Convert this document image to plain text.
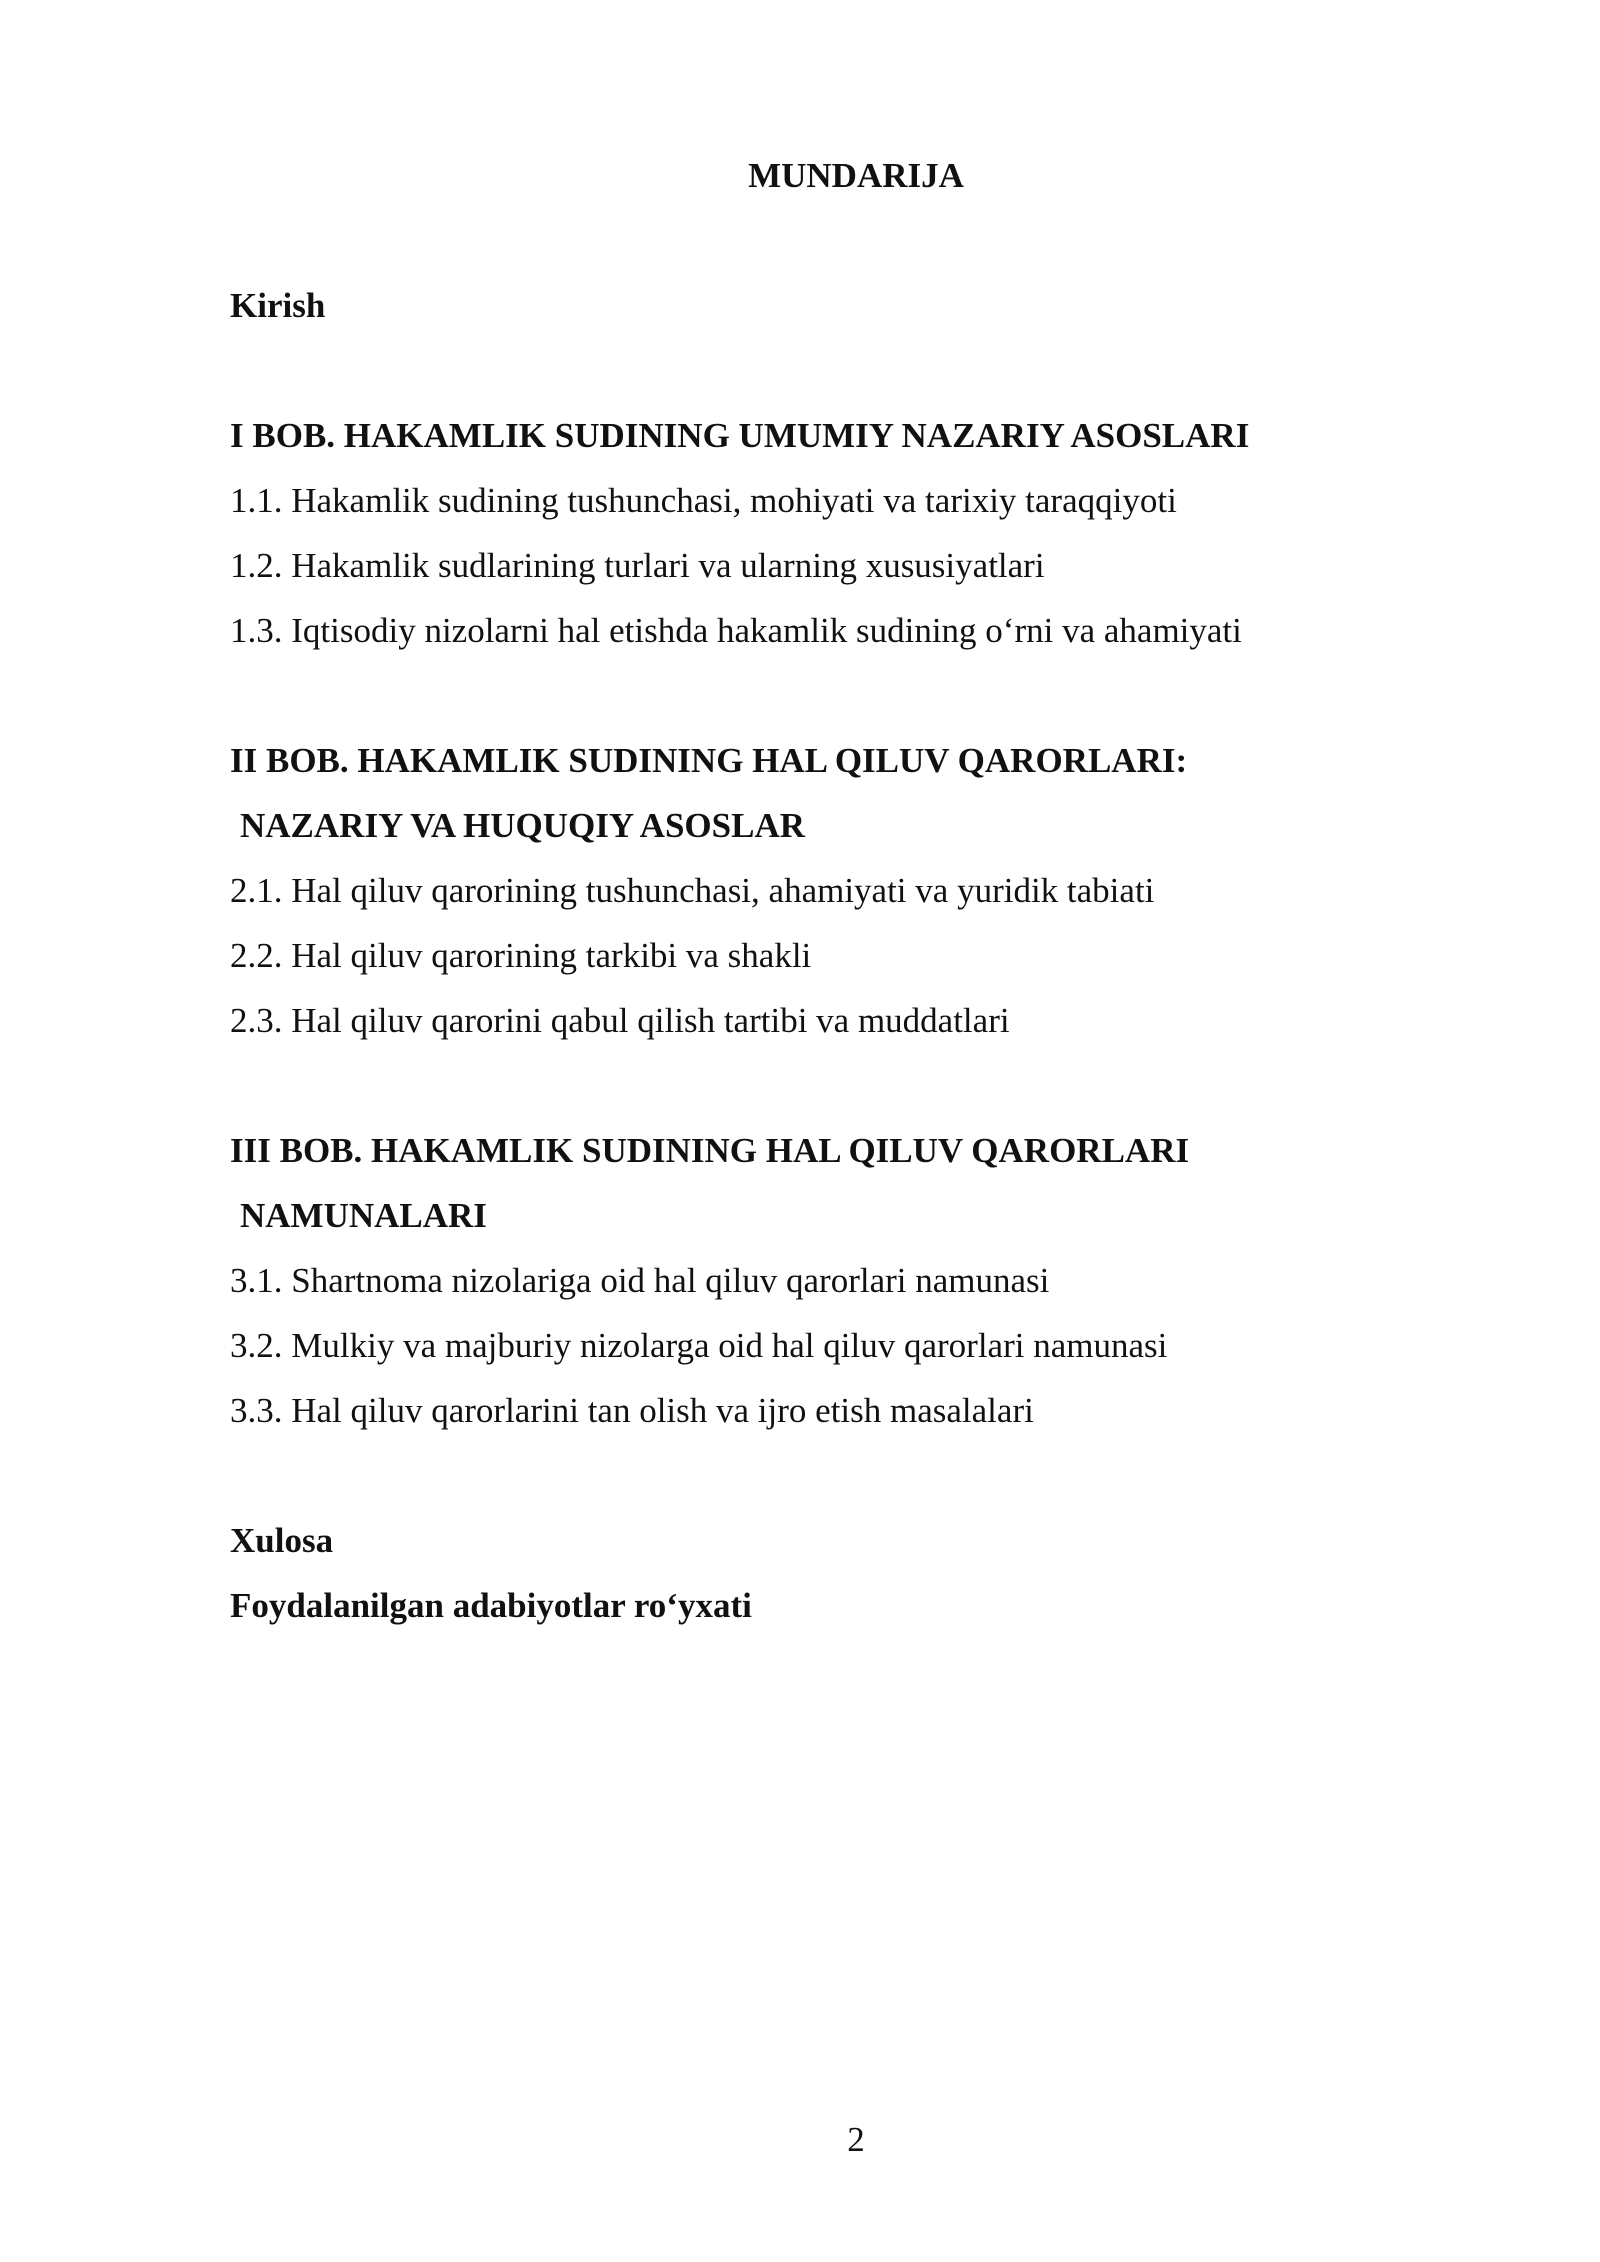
MUNDARIJA
Kirish
I BOB. HAKAMLIK SUDINING UMUMIY NAZARIY ASOSLARI
1.1. Hakamlik sudining tushunchasi, mohiyati va tarixiy taraqqiyoti
1.2. Hakamlik sudlarining turlari va ularning xususiyatlari
1.3. Iqtisodiy nizolarni hal etishda hakamlik sudining o‘rni va ahamiyati
II BOB. HAKAMLIK SUDINING HAL QILUV QARORLARI:
NAZARIY VA HUQUQIY ASOSLAR
2.1. Hal qiluv qarorining tushunchasi, ahamiyati va yuridik tabiati
2.2. Hal qiluv qarorining tarkibi va shakli
2.3. Hal qiluv qarorini qabul qilish tartibi va muddatlari
III BOB. HAKAMLIK SUDINING HAL QILUV QARORLARI
NAMUNALARI
3.1. Shartnoma nizolariga oid hal qiluv qarorlari namunasi
3.2. Mulkiy va majburiy nizolarga oid hal qiluv qarorlari namunasi
3.3. Hal qiluv qarorlarini tan olish va ijro etish masalalari
Xulosa
Foydalanilgan adabiyotlar ro‘yxati
2
